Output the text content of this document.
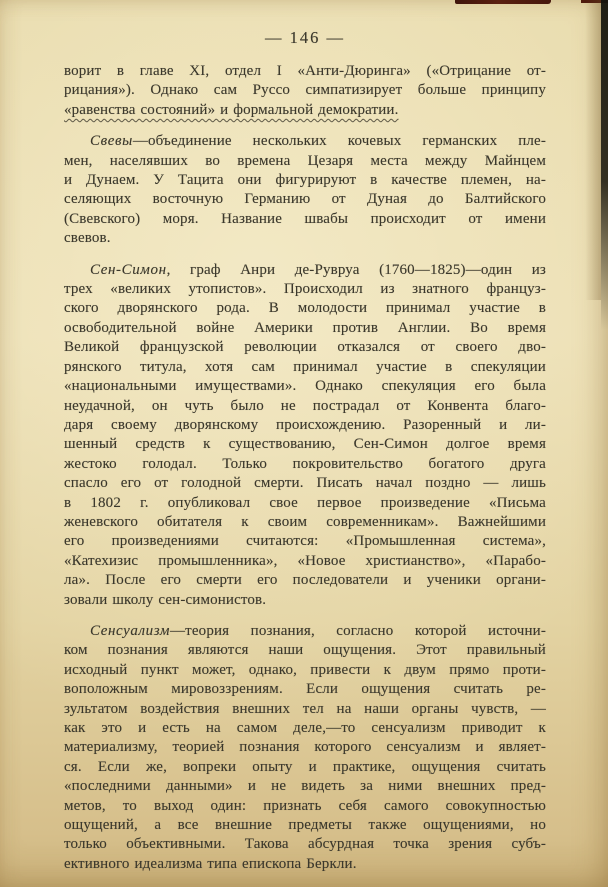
— 146 —
ворит в главе XI, отдел I «Анти-Дюринга» («Отрицание от-
рицания»). Однако сам Руссо симпатизирует больше принципу
«равенства состояний» и формальной демократии.
Свевы—объединение нескольких кочевых германских пле-
мен, населявших во времена Цезаря места между Майнцем
и Дунаем. У Тацита они фигурируют в качестве племен, на-
селяющих восточную Германию от Дуная до Балтийского
(Свевского) моря. Название швабы происходит от имени
свевов.
Сен-Симон, граф Анри де-Рувруа (1760—1825)—один из
трех «великих утопистов». Происходил из знатного француз-
ского дворянского рода. В молодости принимал участие в
освободительной войне Америки против Англии. Во время
Великой французской революции отказался от своего дво-
рянского титула, хотя сам принимал участие в спекуляции
«национальными имуществами». Однако спекуляция его была
неудачной, он чуть было не пострадал от Конвента благо-
даря своему дворянскому происхождению. Разоренный и ли-
шенный средств к существованию, Сен-Симон долгое время
жестоко голодал. Только покровительство богатого друга
спасло его от голодной смерти. Писать начал поздно — лишь
в 1802 г. опубликовал свое первое произведение «Письма
женевского обитателя к своим современникам». Важнейшими
его произведениями считаются: «Промышленная система»,
«Катехизис промышленника», «Новое христианство», «Парабо-
ла». После его смерти его последователи и ученики органи-
зовали школу сен-симонистов.
Сенсуализм—теория познания, согласно которой источни-
ком познания являются наши ощущения. Этот правильный
исходный пункт может, однако, привести к двум прямо проти-
воположным мировоззрениям. Если ощущения считать ре-
зультатом воздействия внешних тел на наши органы чувств, —
как это и есть на самом деле,—то сенсуализм приводит к
материализму, теорией познания которого сенсуализм и являет-
ся. Если же, вопреки опыту и практике, ощущения считать
«последними данными» и не видеть за ними внешних пред-
метов, то выход один: признать себя самого совокупностью
ощущений, а все внешние предметы также ощущениями, но
только объективными. Такова абсурдная точка зрения субъ-
ективного идеализма типа епископа Беркли.
